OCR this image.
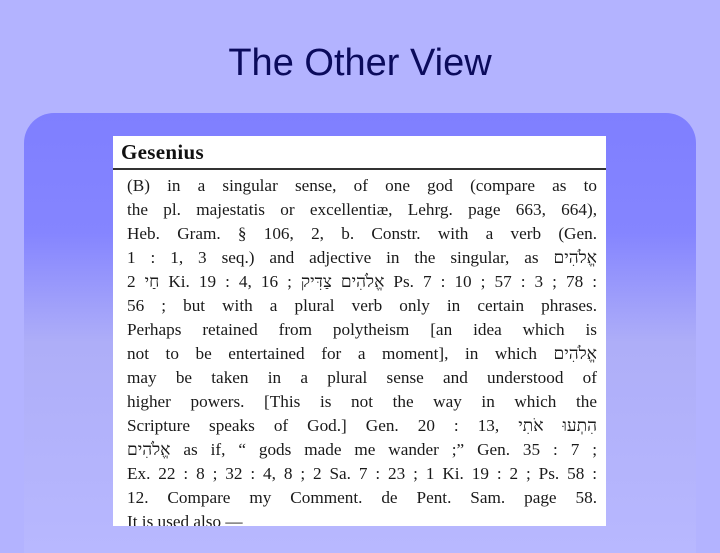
The Other View
Gesenius
(B) in a singular sense, of one god (compare as to
the pl. majestatis or excellentiæ, Lehrg. page 663, 664),
Heb. Gram. § 106, 2, b. Constr. with a verb (Gen.
1 : 1, 3 seq.) and adjective in the singular, as אֱלֹהִים
חַי 2 Ki. 19 : 4, 16 ; אֱלֹהִים צַדִּיק Ps. 7 : 10 ; 57 : 3 ; 78 :
56 ; but with a plural verb only in certain phrases.
Perhaps retained from polytheism [an idea which is
not to be entertained for a moment], in which אֱלֹהִים
may be taken in a plural sense and understood of
higher powers. [This is not the way in which the
Scripture speaks of God.] Gen. 20 : 13, הִתְעוּ אֹתִי
אֱלֹהִים as if, “ gods made me wander ;” Gen. 35 : 7 ;
Ex. 22 : 8 ; 32 : 4, 8 ; 2 Sa. 7 : 23 ; 1 Ki. 19 : 2 ; Ps. 58 :
12. Compare my Comment. de Pent. Sam. page 58.
It is used also —
